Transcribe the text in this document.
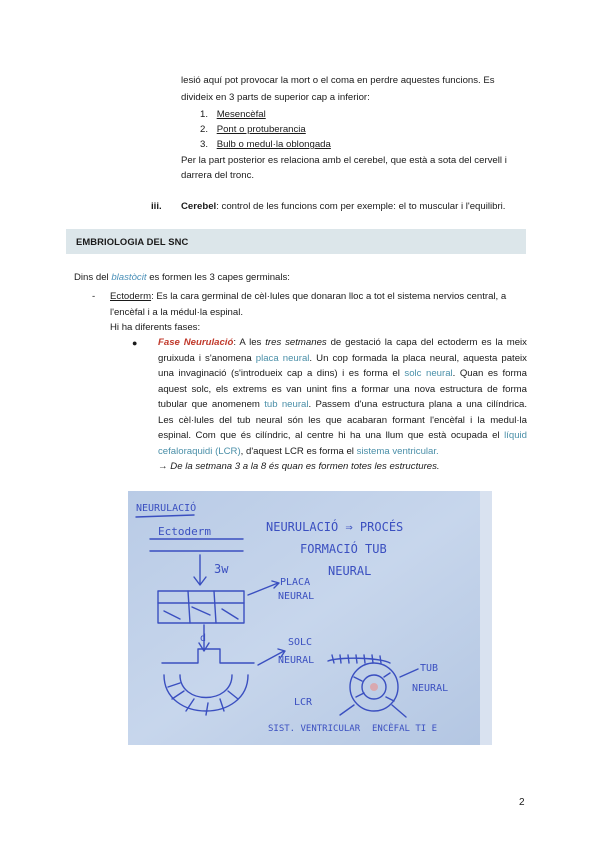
lesió aquí pot provocar la mort o el coma en perdre aquestes funcions. Es
divideix en 3 parts de superior cap a inferior:
1. Mesencèfal
2. Pont o protuberancia
3. Bulb o medul·la oblongada
Per la part posterior es relaciona amb el cerebel, que està a sota del cervell i
darrera del tronc.
iii. Cerebel: control de les funcions com per exemple: el to muscular i l'equilibri.
EMBRIOLOGIA DEL SNC
Dins del blastòcit es formen les 3 capes germinals:
- Ectoderm: Es la cara germinal de cèl·lules que donaran lloc a tot el sistema nervios central, a
l'encèfal i a la médul·la espinal.
Hi ha diferents fases:
● Fase Neurulació: A les tres setmanes de gestació la capa del ectoderm es la meix
gruixuda i s'anomena placa neural. Un cop formada la placa neural, aquesta pateix
una invaginació (s'introdueix cap a dins) i es forma el solc neural. Quan es forma
aquest solc, els extrems es van unint fins a formar una nova estructura de forma
tubular que anomenem tub neural. Passem d'una estructura plana a una cilíndrica.
Les cèl·lules del tub neural són les que acabaran formant l'encèfal i la medul·la
espinal. Com que és cilíndric, al centre hi ha una llum que està ocupada el líquid
cefaloraquidi (LCR), d'aquest LCR es forma el sistema ventricular.
→ De la setmana 3 a la 8 és quan es formen totes les estructures.
NEURULACIÓ
Ectoderm
3w
NEURULACIÓ ⇒ PROCÉS
FORMACIÓ TUB
NEURAL
PLACA
NEURAL
d	SOLC
NEURAL
TUB
NEURAL
LCR
SIST. VENTRICULAR ENCÈFAL TI E
2
